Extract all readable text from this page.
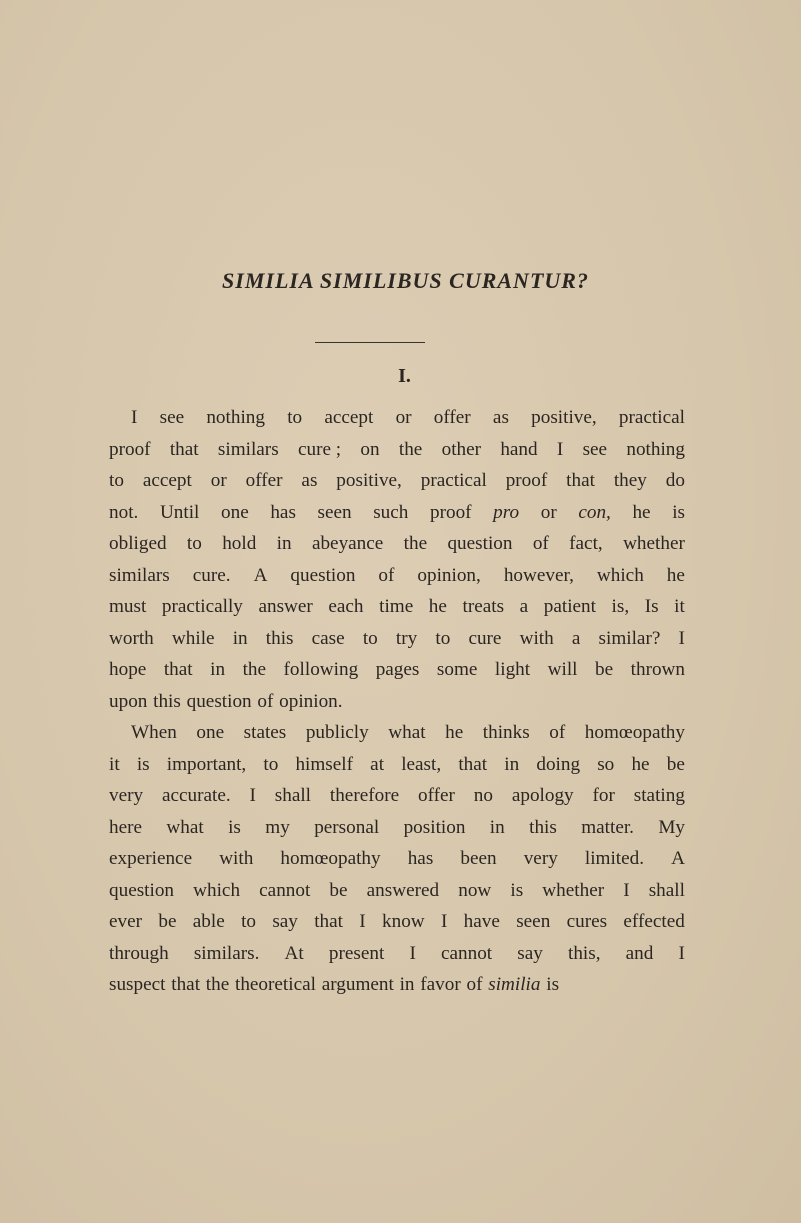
SIMILIA SIMILIBUS CURANTUR?
I.
I see nothing to accept or offer as positive, practical
proof that similars cure ; on the other hand I see nothing
to accept or offer as positive, practical proof that they do
not. Until one has seen such proof pro or con, he is
obliged to hold in abeyance the question of fact, whether
similars cure. A question of opinion, however, which he
must practically answer each time he treats a patient is, Is it
worth while in this case to try to cure with a similar? I
hope that in the following pages some light will be thrown
upon this question of opinion.
When one states publicly what he thinks of homœopathy
it is important, to himself at least, that in doing so he be
very accurate. I shall therefore offer no apology for stating
here what is my personal position in this matter. My
experience with homœopathy has been very limited. A
question which cannot be answered now is whether I shall
ever be able to say that I know I have seen cures effected
through similars. At present I cannot say this, and I
suspect that the theoretical argument in favor of similia is
